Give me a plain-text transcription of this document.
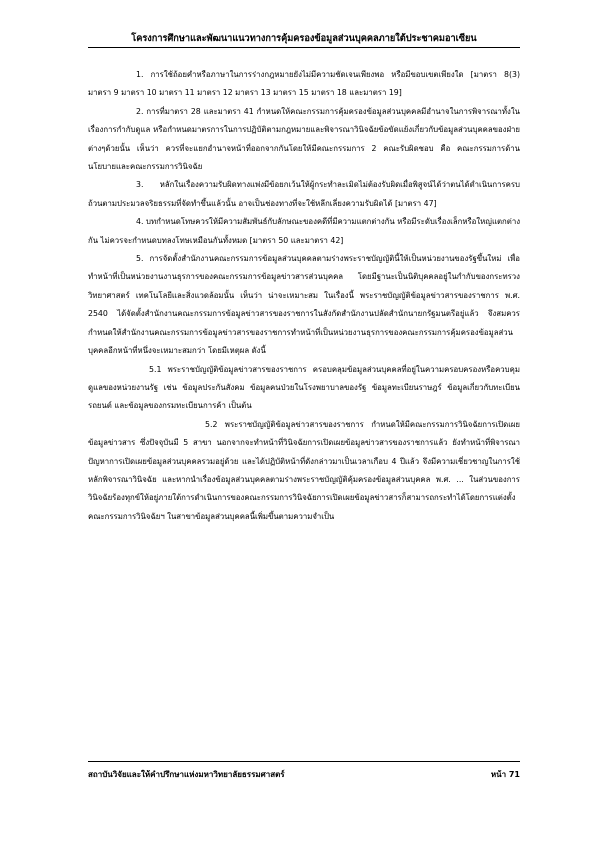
โครงการศึกษาและพัฒนาแนวทางการคุ้มครองข้อมูลส่วนบุคคลภายใต้ประชาคมอาเซียน

1. การใช้ถ้อยคำหรือภาษาในการร่างกฎหมายยังไม่มีความชัดเจนเพียงพอ หรือมีขอบเขตเพียงใด [มาตรา 8(3) มาตรา 9 มาตรา 10 มาตรา 11 มาตรา 12 มาตรา 13 มาตรา 15 มาตรา 18 และมาตรา 19]

2. การที่มาตรา 28 และมาตรา 41 กำหนดให้คณะกรรมการคุ้มครองข้อมูลส่วนบุคคลมีอำนาจในการพิจารณาทั้งในเรื่องการกำกับดูแล หรือกำหนดมาตรการในการปฏิบัติตามกฎหมายและพิจารณาวินิจฉัยข้อขัดแย้งเกี่ยวกับข้อมูลส่วนบุคคลของฝ่ายต่างๆด้วยนั้น เห็นว่า ควรที่จะแยกอำนาจหน้าที่ออกจากกันโดยให้มีคณะกรรมการ 2 คณะรับผิดชอบ คือ คณะกรรมการด้านนโยบายและคณะกรรมการวินิจฉัย

3. หลักในเรื่องความรับผิดทางแพ่งมีข้อยกเว้นให้ผู้กระทำละเมิดไม่ต้องรับผิดเมื่อพิสูจน์ได้ว่าตนได้ดำเนินการครบถ้วนตามประมวลจริยธรรมที่จัดทำขึ้นแล้วนั้น อาจเป็นช่องทางที่จะใช้หลีกเลี่ยงความรับผิดได้ [มาตรา 47]

4. บทกำหนดโทษควรให้มีความสัมพันธ์กับลักษณะของคดีที่มีความแตกต่างกัน หรือมีระดับเรื่องเล็กหรือใหญ่แตกต่างกัน ไม่ควรจะกำหนดบทลงโทษเหมือนกันทั้งหมด [มาตรา 50 และมาตรา 42]

5. การจัดตั้งสำนักงานคณะกรรมการข้อมูลส่วนบุคคลตามร่างพระราชบัญญัตินี้ให้เป็นหน่วยงานของรัฐขึ้นใหม่ เพื่อทำหน้าที่เป็นหน่วยงานงานธุรการของคณะกรรมการข้อมูลข่าวสารส่วนบุคคล โดยมีฐานะเป็นนิติบุคคลอยู่ในกำกับของกระทรวงวิทยาศาสตร์ เทคโนโลยีและสิ่งแวดล้อมนั้น เห็นว่า น่าจะเหมาะสม ในเรื่องนี้ พระราชบัญญัติข้อมูลข่าวสารของราชการ พ.ศ. 2540 ได้จัดตั้งสำนักงานคณะกรรมการข้อมูลข่าวสารของราชการในสังกัดสำนักงานปลัดสำนักนายกรัฐมนตรีอยู่แล้ว จึงสมควรกำหนดให้สำนักงานคณะกรรมการข้อมูลข่าวสารของราชการทำหน้าที่เป็นหน่วยงานธุรการของคณะกรรมการคุ้มครองข้อมูลส่วนบุคคลอีกหน้าที่หนึ่งจะเหมาะสมกว่า โดยมีเหตุผล ดังนี้

5.1 พระราชบัญญัติข้อมูลข่าวสารของราชการ ครอบคลุมข้อมูลส่วนบุคคลที่อยู่ในความครอบครองหรือควบคุมดูแลของหน่วยงานรัฐ เช่น ข้อมูลประกันสังคม ข้อมูลคนป่วยในโรงพยาบาลของรัฐ ข้อมูลทะเบียนราษฎร์ ข้อมูลเกี่ยวกับทะเบียนรถยนต์ และข้อมูลของกรมทะเบียนการค้า เป็นต้น

5.2 พระราชบัญญัติข้อมูลข่าวสารของราชการ กำหนดให้มีคณะกรรมการวินิจฉัยการเปิดเผยข้อมูลข่าวสาร ซึ่งปัจจุบันมี 5 สาขา นอกจากจะทำหน้าที่วินิจฉัยการเปิดเผยข้อมูลข่าวสารของราชการแล้ว ยังทำหน้าที่พิจารณาปัญหาการเปิดเผยข้อมูลส่วนบุคคลรวมอยู่ด้วย และได้ปฏิบัติหน้าที่ดังกล่าวมาเป็นเวลาเกือบ 4 ปีแล้ว จึงมีความเชี่ยวชาญในการใช้หลักพิจารณาวินิจฉัย และหากนำเรื่องข้อมูลส่วนบุคคลตามร่างพระราชบัญญัติคุ้มครองข้อมูลส่วนบุคคล พ.ศ. ... ในส่วนของการวินิจฉัยร้องทุกข์ให้อยู่ภายใต้การดำเนินการของคณะกรรมการวินิจฉัยการเปิดเผยข้อมูลข่าวสารก็สามารถกระทำได้โดยการแต่งตั้งคณะกรรมการวินิจฉัยฯ ในสาขาข้อมูลส่วนบุคคลนี้เพิ่มขึ้นตามความจำเป็น

สถาบันวิจัยและให้คำปรึกษาแห่งมหาวิทยาลัยธรรมศาสตร์	หน้า 71
